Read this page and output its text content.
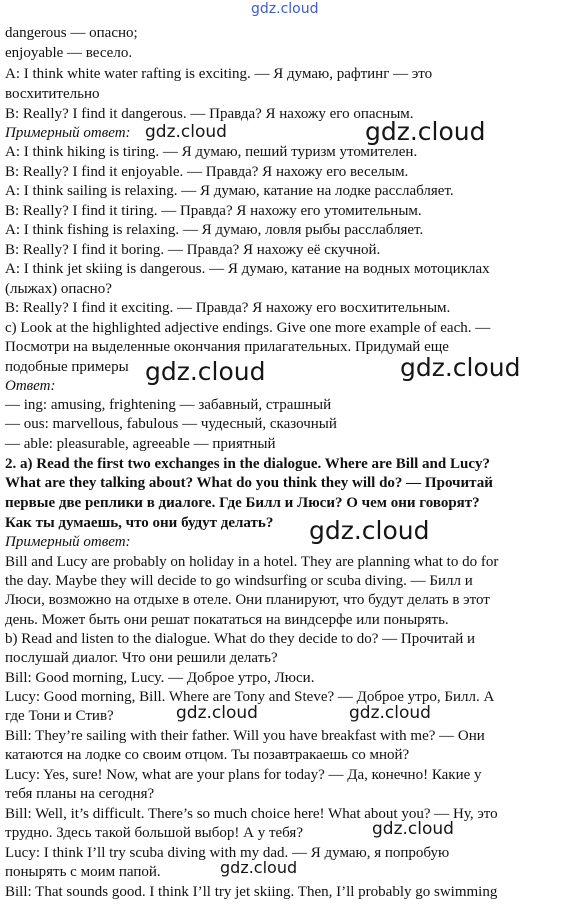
gdz.cloud
dangerous — опасно;
enjoyable — весело.
A: I think white water rafting is exciting. — Я думаю, рафтинг — это
восхитительно
B: Really? I find it dangerous. — Правда? Я нахожу его опасным.
Примерный ответ:
A: I think hiking is tiring. — Я думаю, пеший туризм утомителен.
B: Really? I find it enjoyable. — Правда? Я нахожу его веселым.
A: I think sailing is relaxing. — Я думаю, катание на лодке расслабляет.
B: Really? I find it tiring. — Правда? Я нахожу его утомительным.
A: I think fishing is relaxing. — Я думаю, ловля рыбы расслабляет.
B: Really? I find it boring. — Правда? Я нахожу её скучной.
A: I think jet skiing is dangerous. — Я думаю, катание на водных мотоциклах
(лыжах) опасно?
B: Really? I find it exciting. — Правда? Я нахожу его восхитительным.
c) Look at the highlighted adjective endings. Give one more example of each. —
Посмотри на выделенные окончания прилагательных. Придумай еще
подобные примеры
Ответ:
— ing: amusing, frightening — забавный, страшный
— ous: marvellous, fabulous — чудесный, сказочный
— able: pleasurable, agreeable — приятный
2. a) Read the first two exchanges in the dialogue. Where are Bill and Lucy?
What are they talking about? What do you think they will do? — Прочитай
первые две реплики в диалоге. Где Билл и Люси? О чем они говорят?
Как ты думаешь, что они будут делать?
Примерный ответ:
Bill and Lucy are probably on holiday in a hotel. They are planning what to do for
the day. Maybe they will decide to go windsurfing or scuba diving. — Билл и
Люси, возможно на отдыхе в отеле. Они планируют, что будут делать в этот
день. Может быть они решат покататься на виндсерфе или понырять.
b) Read and listen to the dialogue. What do they decide to do? — Прочитай и
послушай диалог. Что они решили делать?
Bill: Good morning, Lucy. — Доброе утро, Люси.
Lucy: Good morning, Bill. Where are Tony and Steve? — Доброе утро, Билл. А
где Тони и Стив?
Bill: They’re sailing with their father. Will you have breakfast with me? — Они
катаются на лодке со своим отцом. Ты позавтракаешь со мной?
Lucy: Yes, sure! Now, what are your plans for today? — Да, конечно! Какие у
тебя планы на сегодня?
Bill: Well, it’s difficult. There’s so much choice here! What about you? — Ну, это
трудно. Здесь такой большой выбор! А у тебя?
Lucy: I think I’ll try scuba diving with my dad. — Я думаю, я попробую
понырять с моим папой.
Bill: That sounds good. I think I’ll try jet skiing. Then, I’ll probably go swimming
gdz.cloud	gdz.cloud
gdz.cloud	gdz.cloud
gdz.cloud
gdz.cloud	gdz.cloud
gdz.cloud
gdz.cloud
